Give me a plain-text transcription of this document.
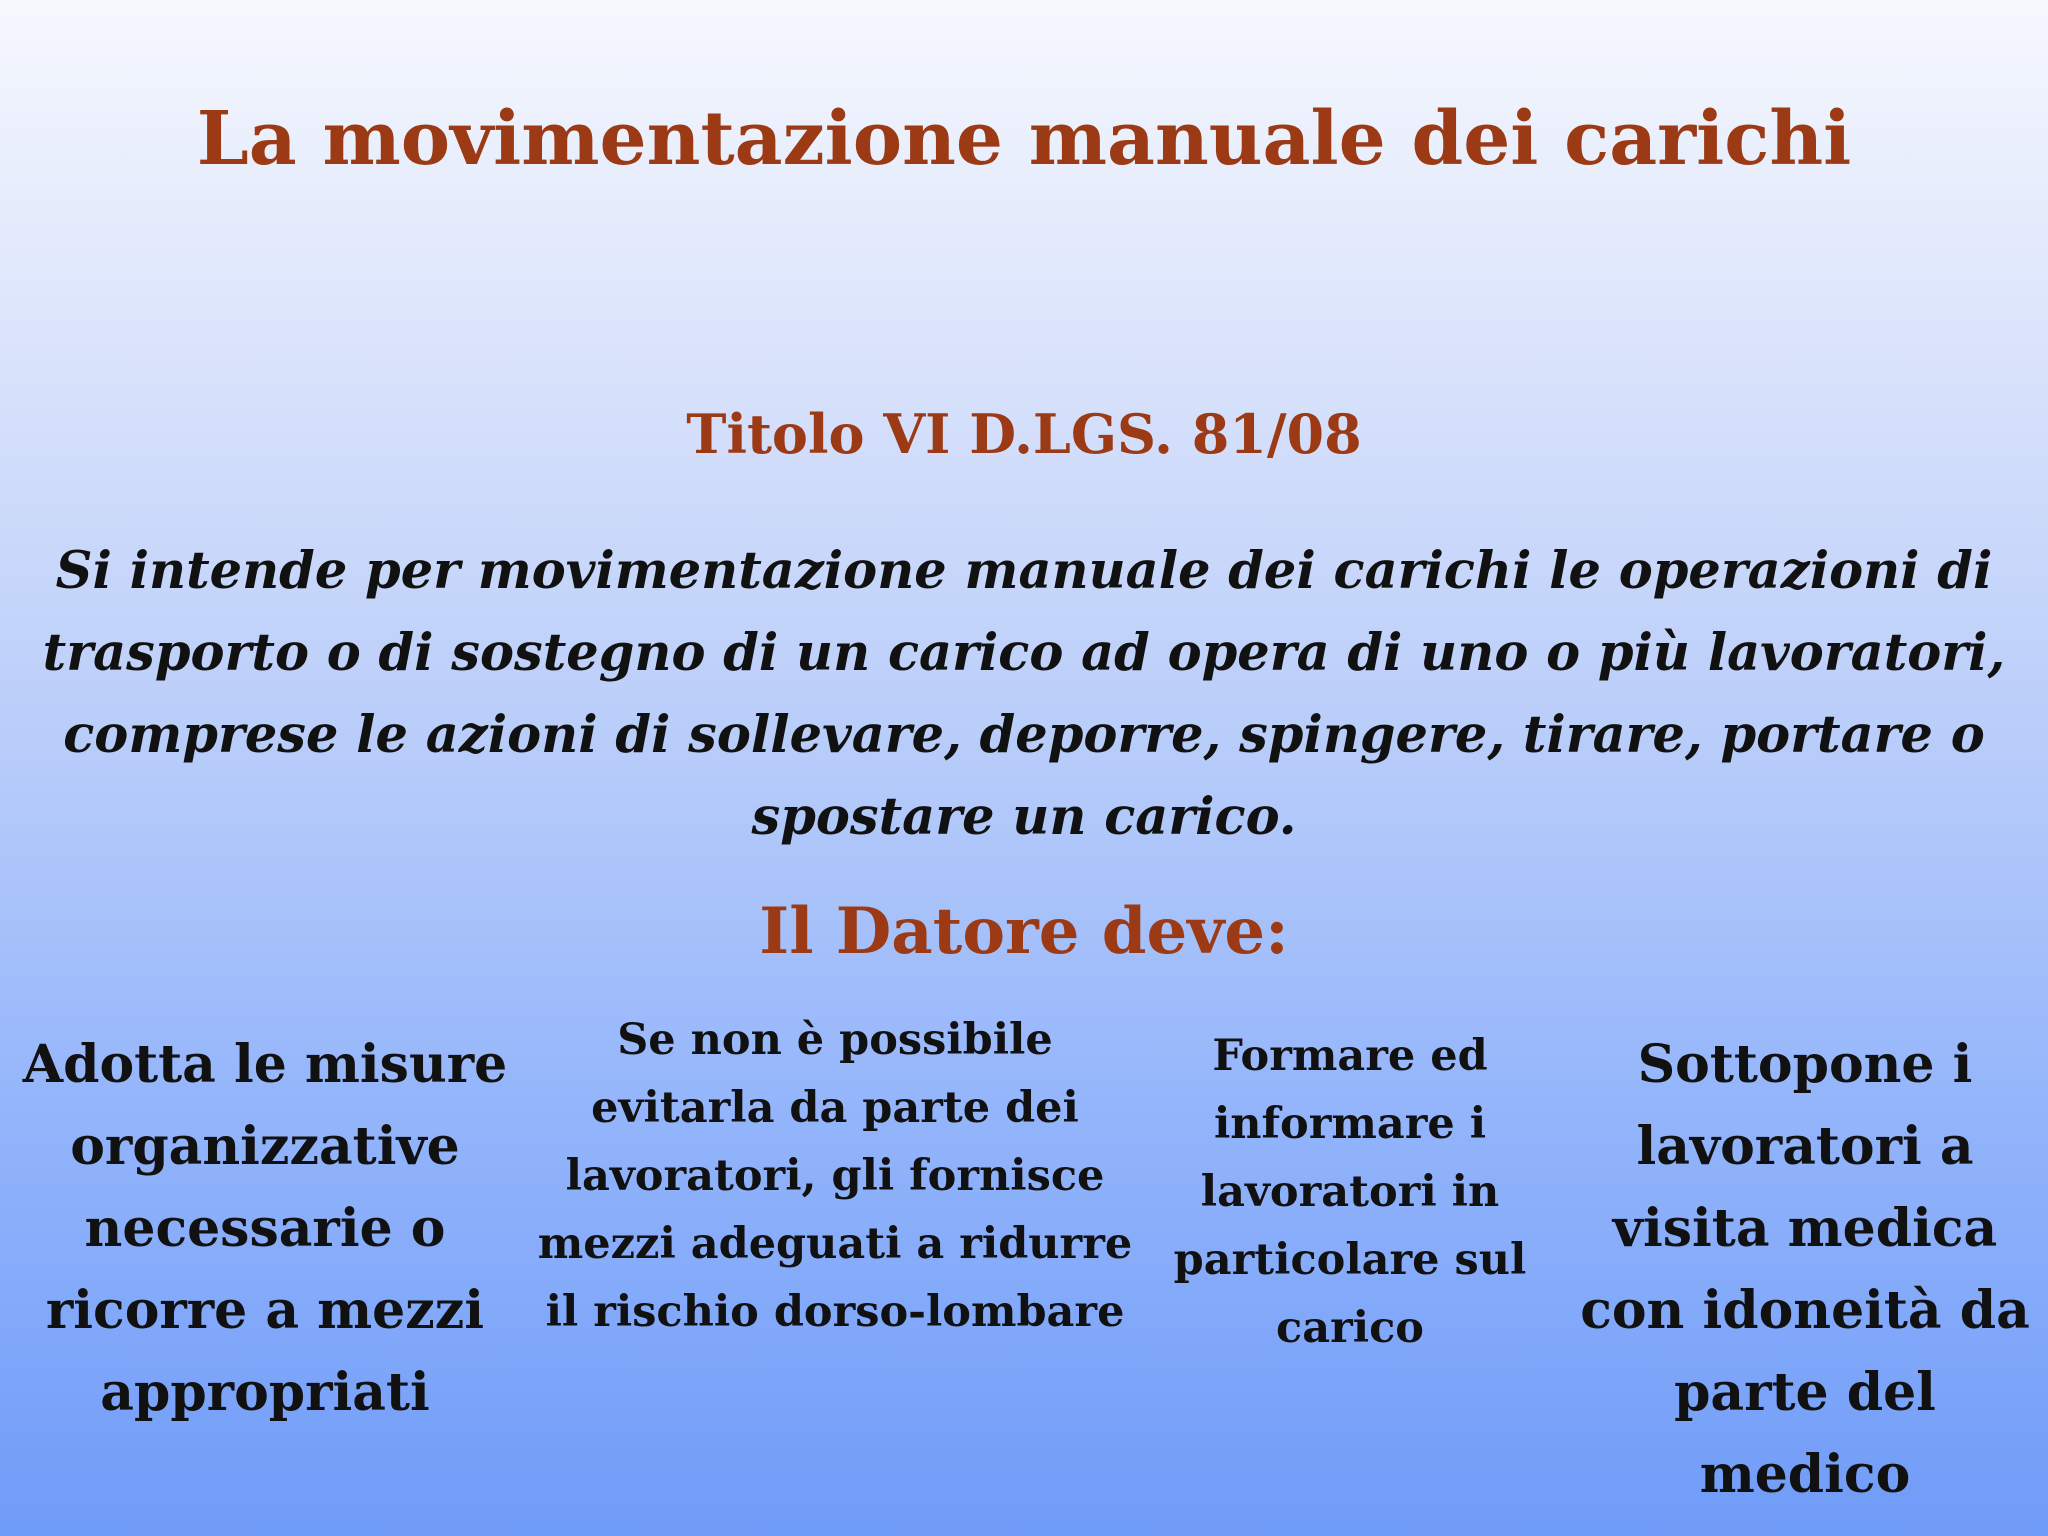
La movimentazione manuale dei carichi
Titolo VI D.LGS. 81/08
Si intende per movimentazione manuale dei carichi le operazioni di trasporto o di sostegno di un carico ad opera di uno o più lavoratori, comprese le azioni di sollevare, deporre, spingere, tirare, portare o spostare un carico.
Il Datore deve:
Adotta le misure organizzative necessarie o ricorre a mezzi appropriati
Se non è possibile evitarla da parte dei lavoratori, gli fornisce mezzi adeguati a ridurre il rischio dorso-lombare
Formare ed informare i lavoratori in particolare sul carico
Sottopone i lavoratori a visita medica con idoneità da parte del medico
